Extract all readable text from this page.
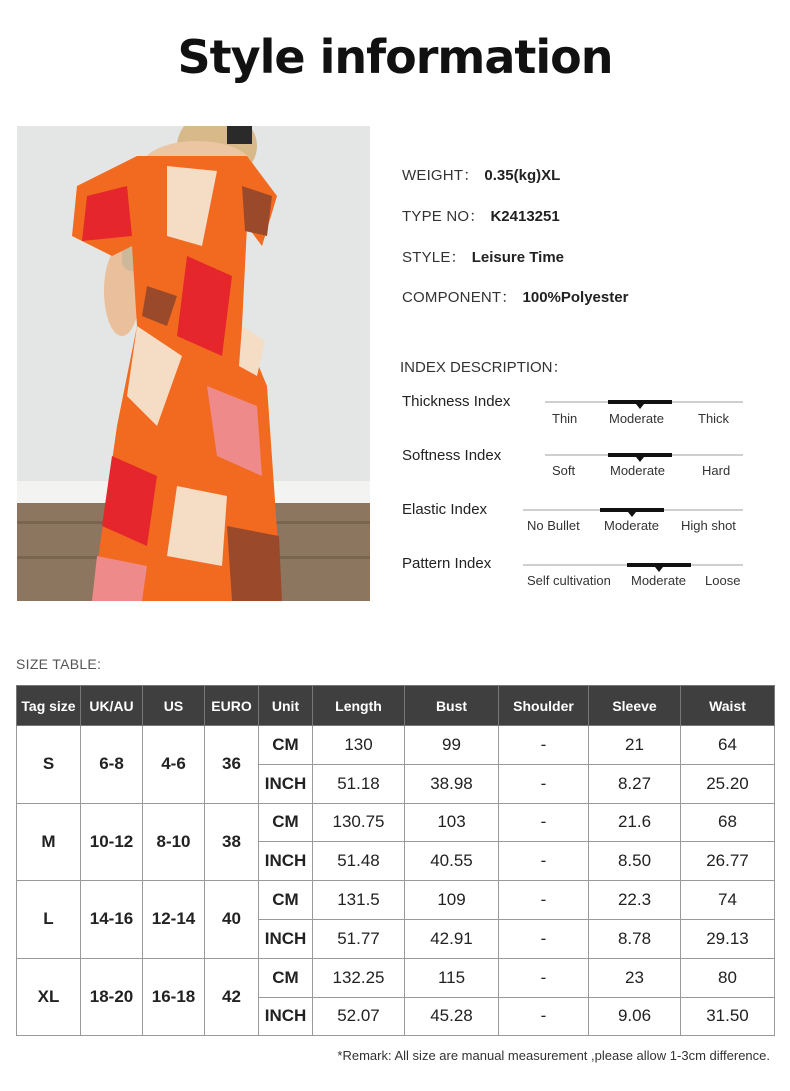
Style information
WEIGHT： 0.35(kg)XL
TYPE NO： K2413251
STYLE： Leisure Time
COMPONENT： 100%Polyester
INDEX DESCRIPTION：
Thickness Index
Thin Moderate	Thick
Softness Index
Soft	Moderate	Hard
Elastic Index
No Bullet Moderate High shot
Pattern Index
Self cultivation Moderate Loose
SIZE TABLE:
Tag size	UK/AU	US	EURO	Unit	Length	Bust	Shoulder	Sleeve	Waist
S	6-8	4-6	36	CM	130	99	-	21	64
				INCH	51.18	38.98	-	8.27	25.20
M	10-12	8-10	38	CM	130.75	103	-	21.6	68
				INCH	51.48	40.55	-	8.50	26.77
L	14-16	12-14	40	CM	131.5	109	-	22.3	74
				INCH	51.77	42.91	-	8.78	29.13
XL	18-20	16-18	42	CM	132.25	115	-	23	80
				INCH	52.07	45.28	-	9.06	31.50
*Remark: All size are manual measurement ,please allow 1-3cm difference.
